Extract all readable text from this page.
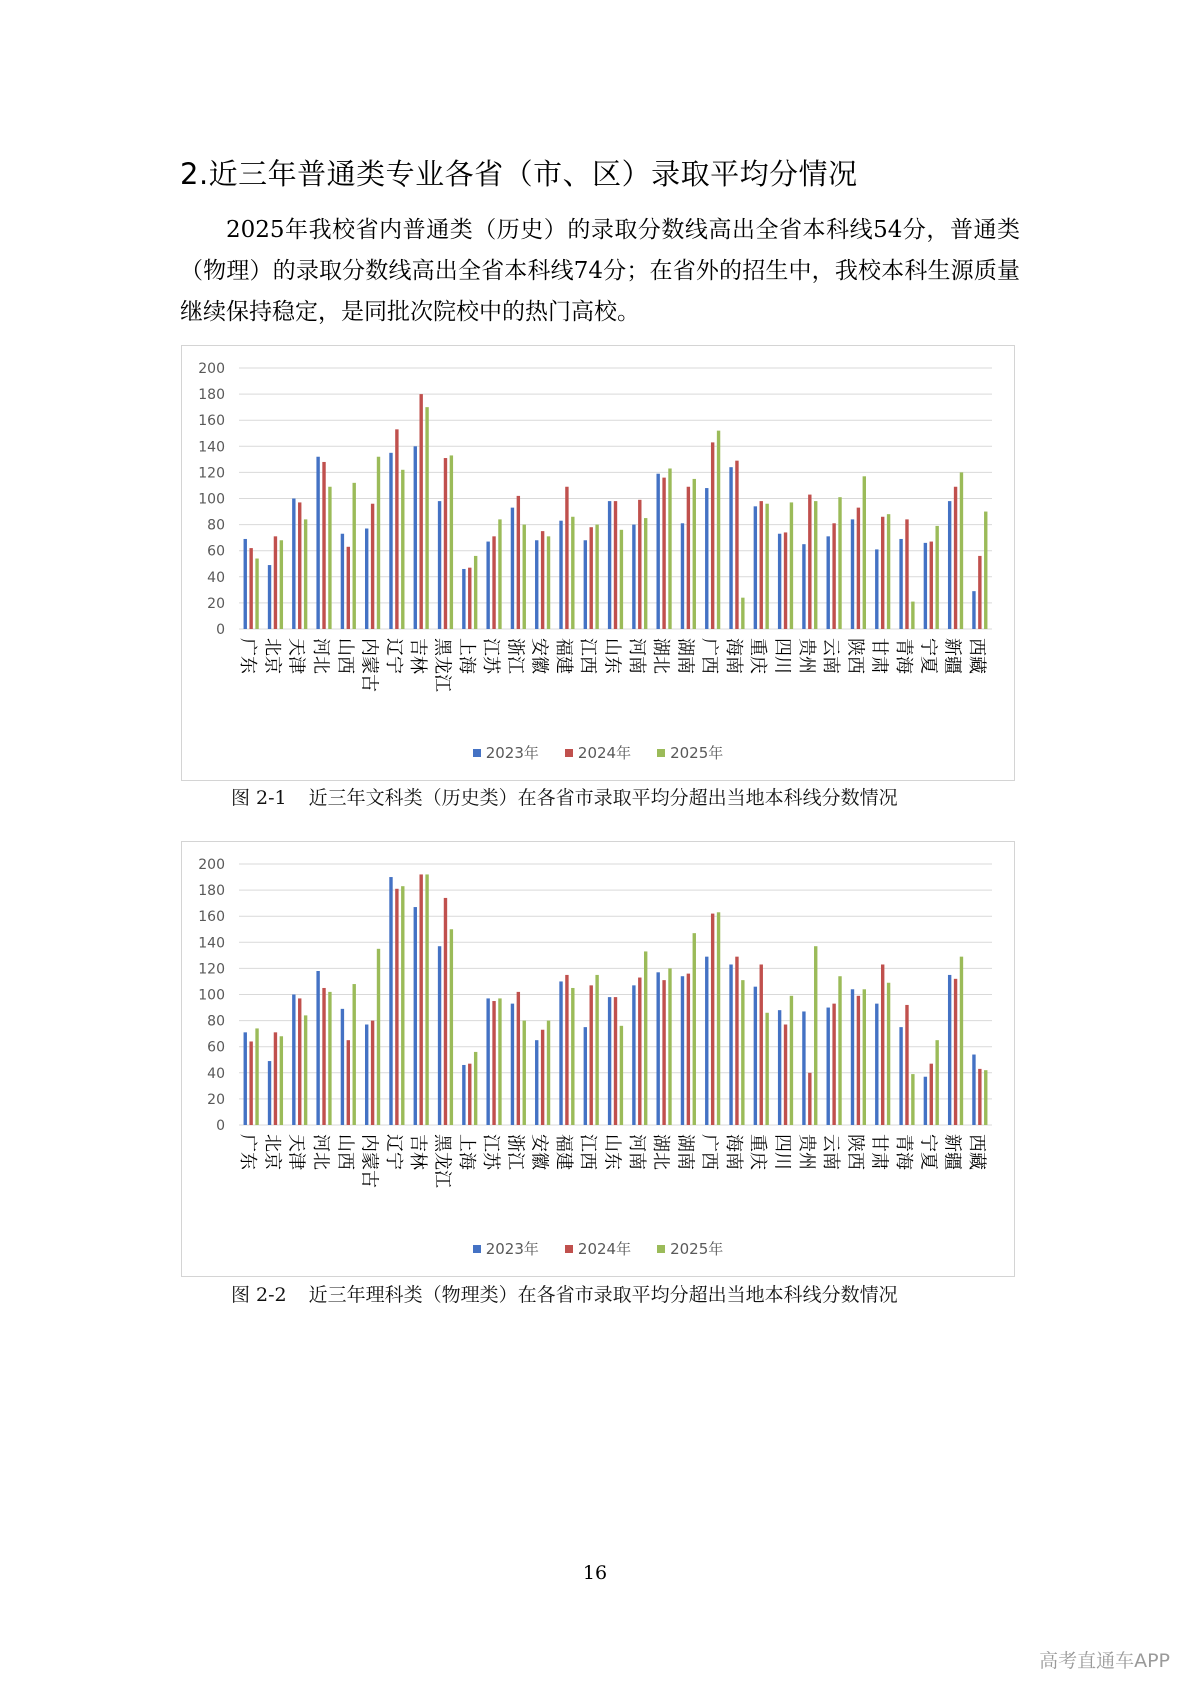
2.近三年普通类专业各省（市、区）录取平均分情况

2025年我校省内普通类（历史）的录取分数线高出全省本科线54分，普通类（物理）的录取分数线高出全省本科线74分；在省外的招生中，我校本科生源质量继续保持稳定，是同批次院校中的热门高校。

0
20
40
60
80
100
120
140
160
180
200
广东 北京 天津 河北 山西 内蒙古 辽宁 吉林 黑龙江 上海 江苏 浙江 安徽 福建 江西 山东 河南 湖北 湖南 广西 海南 重庆 四川 贵州 云南 陕西 甘肃 青海 宁夏 新疆 西藏
2023年	2024年	2025年

图 2-1 近三年文科类（历史类）在各省市录取平均分超出当地本科线分数情况

0
20
40
60
80
100
120
140
160
180
200
广东 北京 天津 河北 山西 内蒙古 辽宁 吉林 黑龙江 上海 江苏 浙江 安徽 福建 江西 山东 河南 湖北 湖南 广西 海南 重庆 四川 贵州 云南 陕西 甘肃 青海 宁夏 新疆 西藏
2023年	2024年	2025年

图 2-2 近三年理科类（物理类）在各省市录取平均分超出当地本科线分数情况

16

高考直通车APP
